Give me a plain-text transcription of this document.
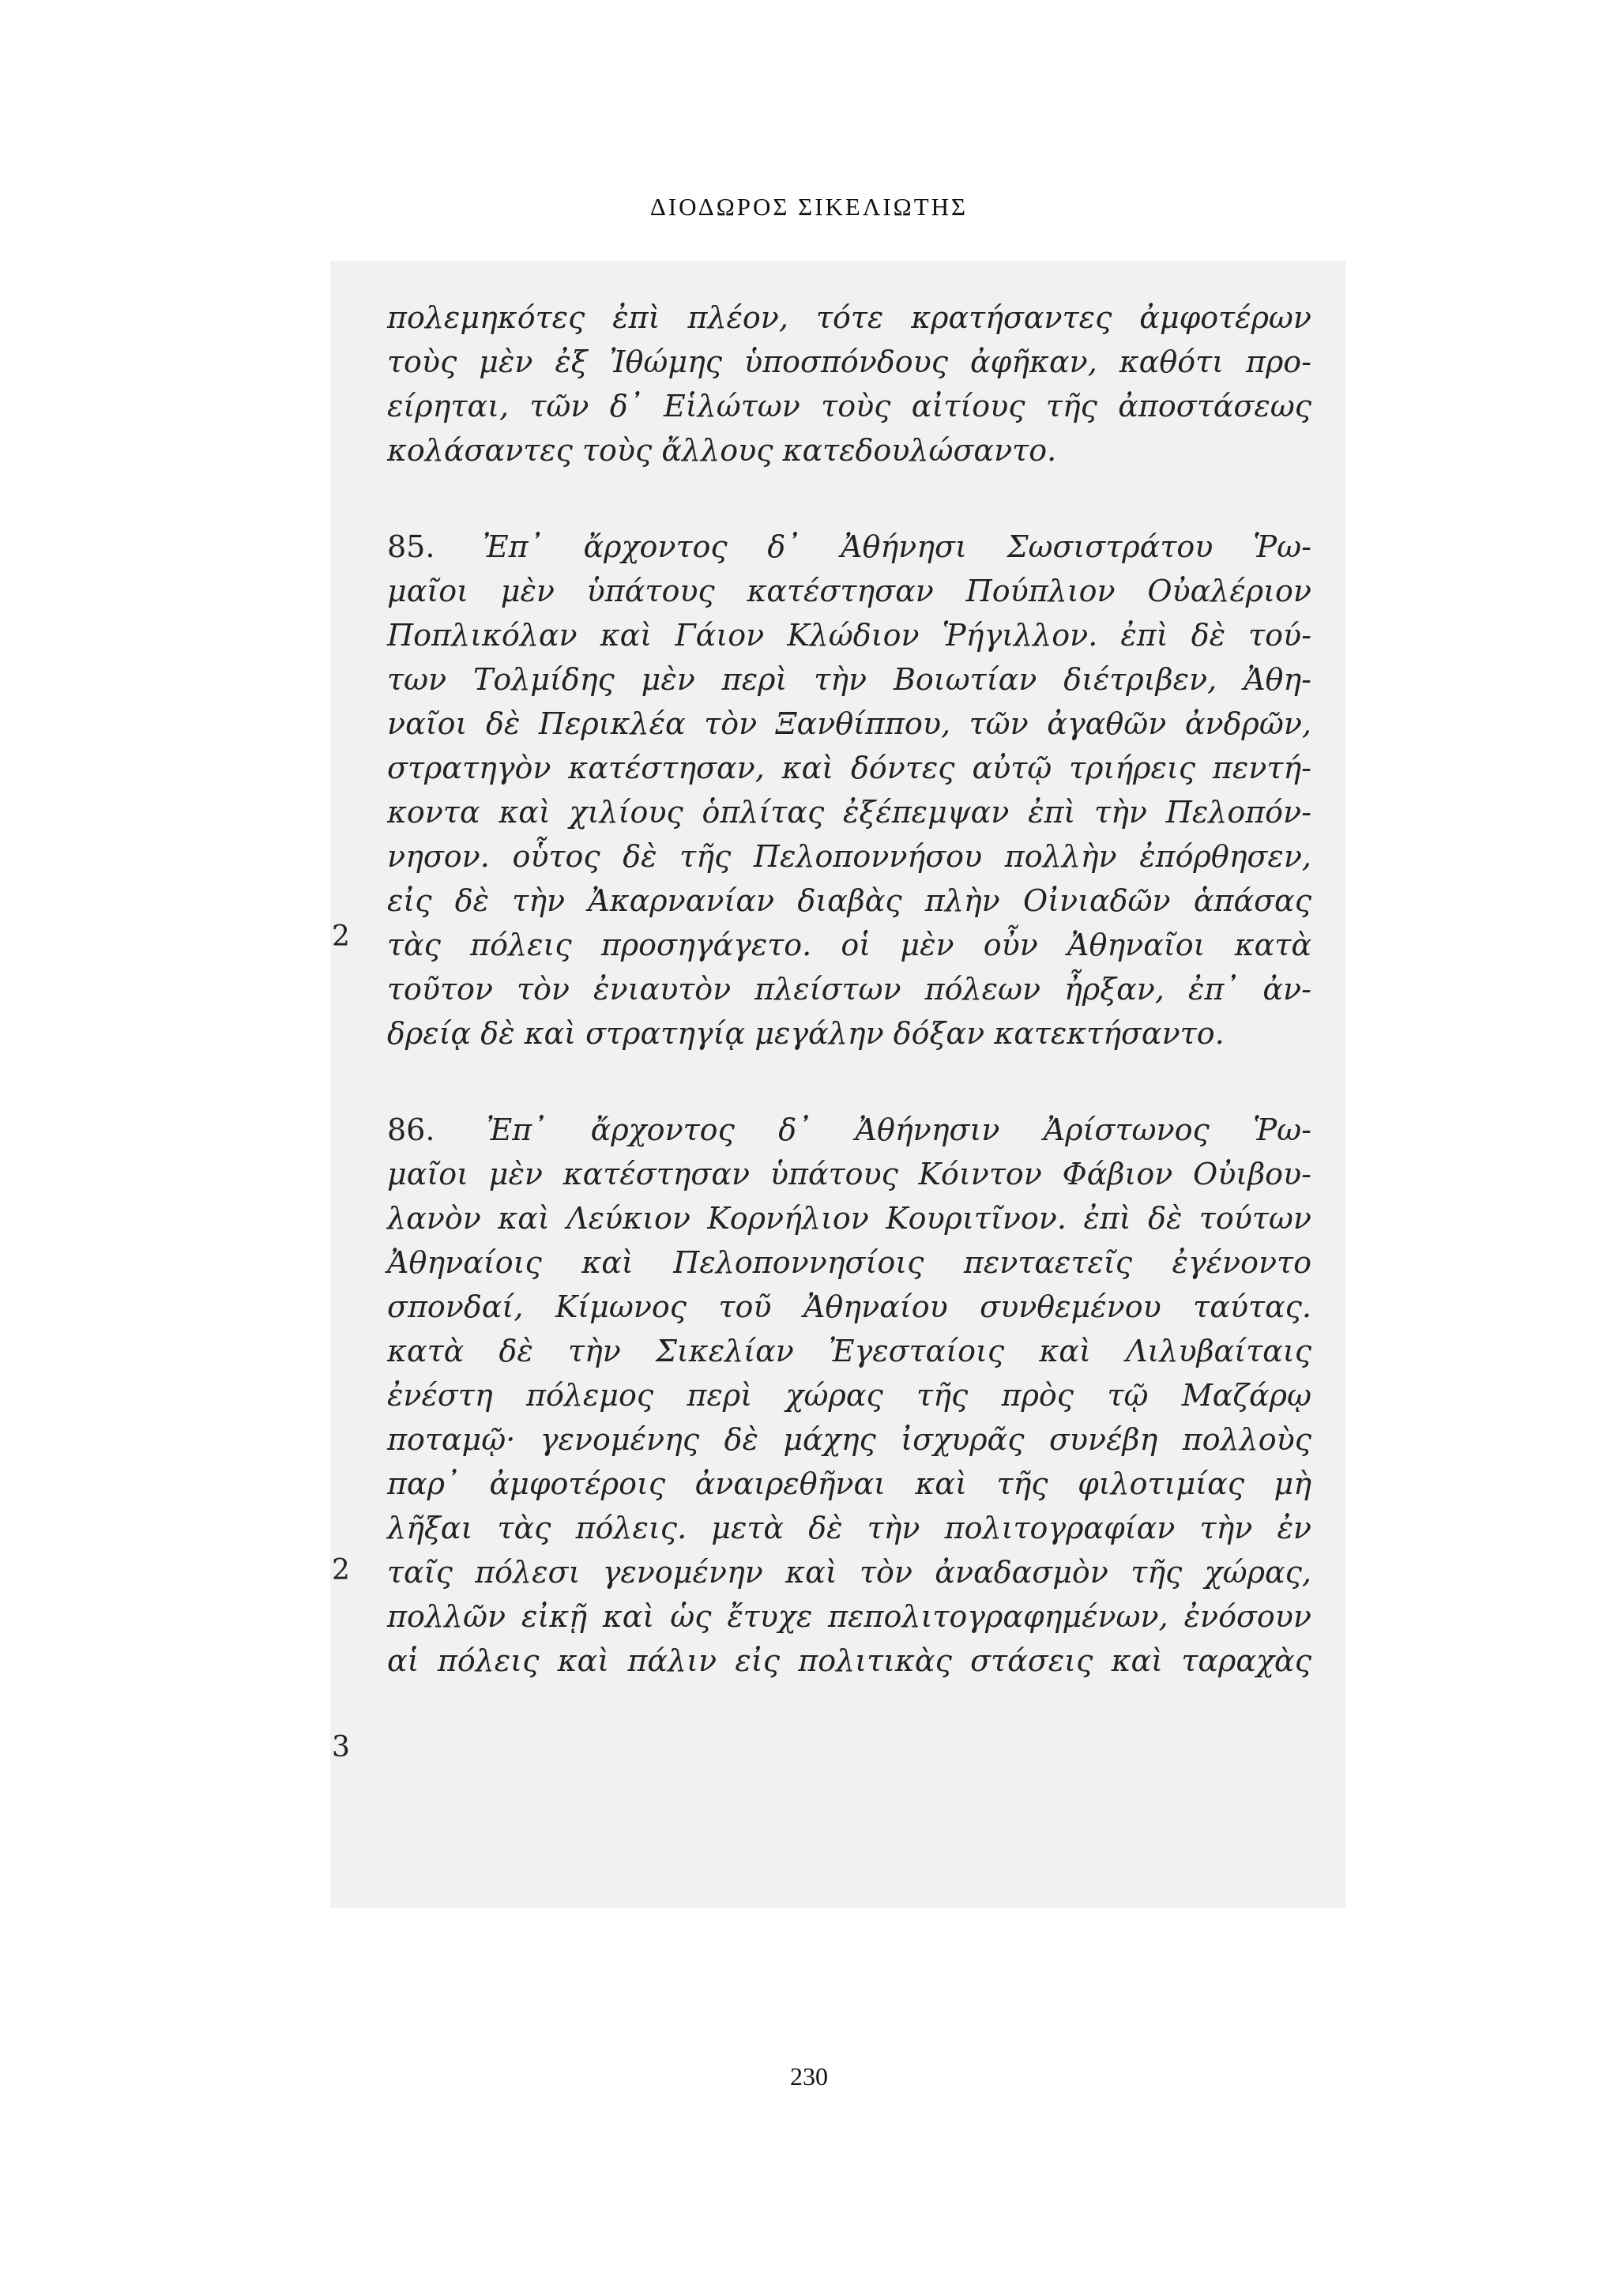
ΔΙΟΔΩΡΟΣ ΣΙΚΕΛΙΩΤΗΣ
2
2
3
πολεμηκότες ἐπὶ πλέον, τότε κρατήσαντες ἀμφοτέρων
τοὺς μὲν ἐξ Ἰθώμης ὑποσπόνδους ἀφῆκαν, καθότι προ-
είρηται, τῶν δ᾽ Εἱλώτων τοὺς αἰτίους τῆς ἀποστάσεως
κολάσαντες τοὺς ἄλλους κατεδουλώσαντο.
85. Ἐπ᾽ ἄρχοντος δ᾽ Ἀθήνησι Σωσιστράτου Ῥω-
μαῖοι μὲν ὑπάτους κατέστησαν Πούπλιον Οὐαλέριον
Ποπλικόλαν καὶ Γάιον Κλώδιον Ῥήγιλλον. ἐπὶ δὲ τού-
των Τολμίδης μὲν περὶ τὴν Βοιωτίαν διέτριβεν, Ἀθη-
ναῖοι δὲ Περικλέα τὸν Ξανθίππου, τῶν ἀγαθῶν ἀνδρῶν,
στρατηγὸν κατέστησαν, καὶ δόντες αὐτῷ τριήρεις πεντή-
κοντα καὶ χιλίους ὁπλίτας ἐξέπεμψαν ἐπὶ τὴν Πελοπόν-
νησον. οὗτος δὲ τῆς Πελοποννήσου πολλὴν ἐπόρθησεν,
εἰς δὲ τὴν Ἀκαρνανίαν διαβὰς πλὴν Οἰνιαδῶν ἁπάσας
τὰς πόλεις προσηγάγετο. οἱ μὲν οὖν Ἀθηναῖοι κατὰ
τοῦτον τὸν ἐνιαυτὸν πλείστων πόλεων ἦρξαν, ἐπ᾽ ἀν-
δρείᾳ δὲ καὶ στρατηγίᾳ μεγάλην δόξαν κατεκτήσαντο.
86. Ἐπ᾽ ἄρχοντος δ᾽ Ἀθήνησιν Ἀρίστωνος Ῥω-
μαῖοι μὲν κατέστησαν ὑπάτους Κόιντον Φάβιον Οὐιβου-
λανὸν καὶ Λεύκιον Κορνήλιον Κουριτῖνον. ἐπὶ δὲ τούτων
Ἀθηναίοις καὶ Πελοποννησίοις πενταετεῖς ἐγένοντο
σπονδαί, Κίμωνος τοῦ Ἀθηναίου συνθεμένου ταύτας.
κατὰ δὲ τὴν Σικελίαν Ἐγεσταίοις καὶ Λιλυβαίταις
ἐνέστη πόλεμος περὶ χώρας τῆς πρὸς τῷ Μαζάρῳ
ποταμῷ· γενομένης δὲ μάχης ἰσχυρᾶς συνέβη πολλοὺς
παρ᾽ ἀμφοτέροις ἀναιρεθῆναι καὶ τῆς φιλοτιμίας μὴ
λῆξαι τὰς πόλεις. μετὰ δὲ τὴν πολιτογραφίαν τὴν ἐν
ταῖς πόλεσι γενομένην καὶ τὸν ἀναδασμὸν τῆς χώρας,
πολλῶν εἰκῇ καὶ ὡς ἔτυχε πεπολιτογραφημένων, ἐνόσουν
αἱ πόλεις καὶ πάλιν εἰς πολιτικὰς στάσεις καὶ ταραχὰς
230
